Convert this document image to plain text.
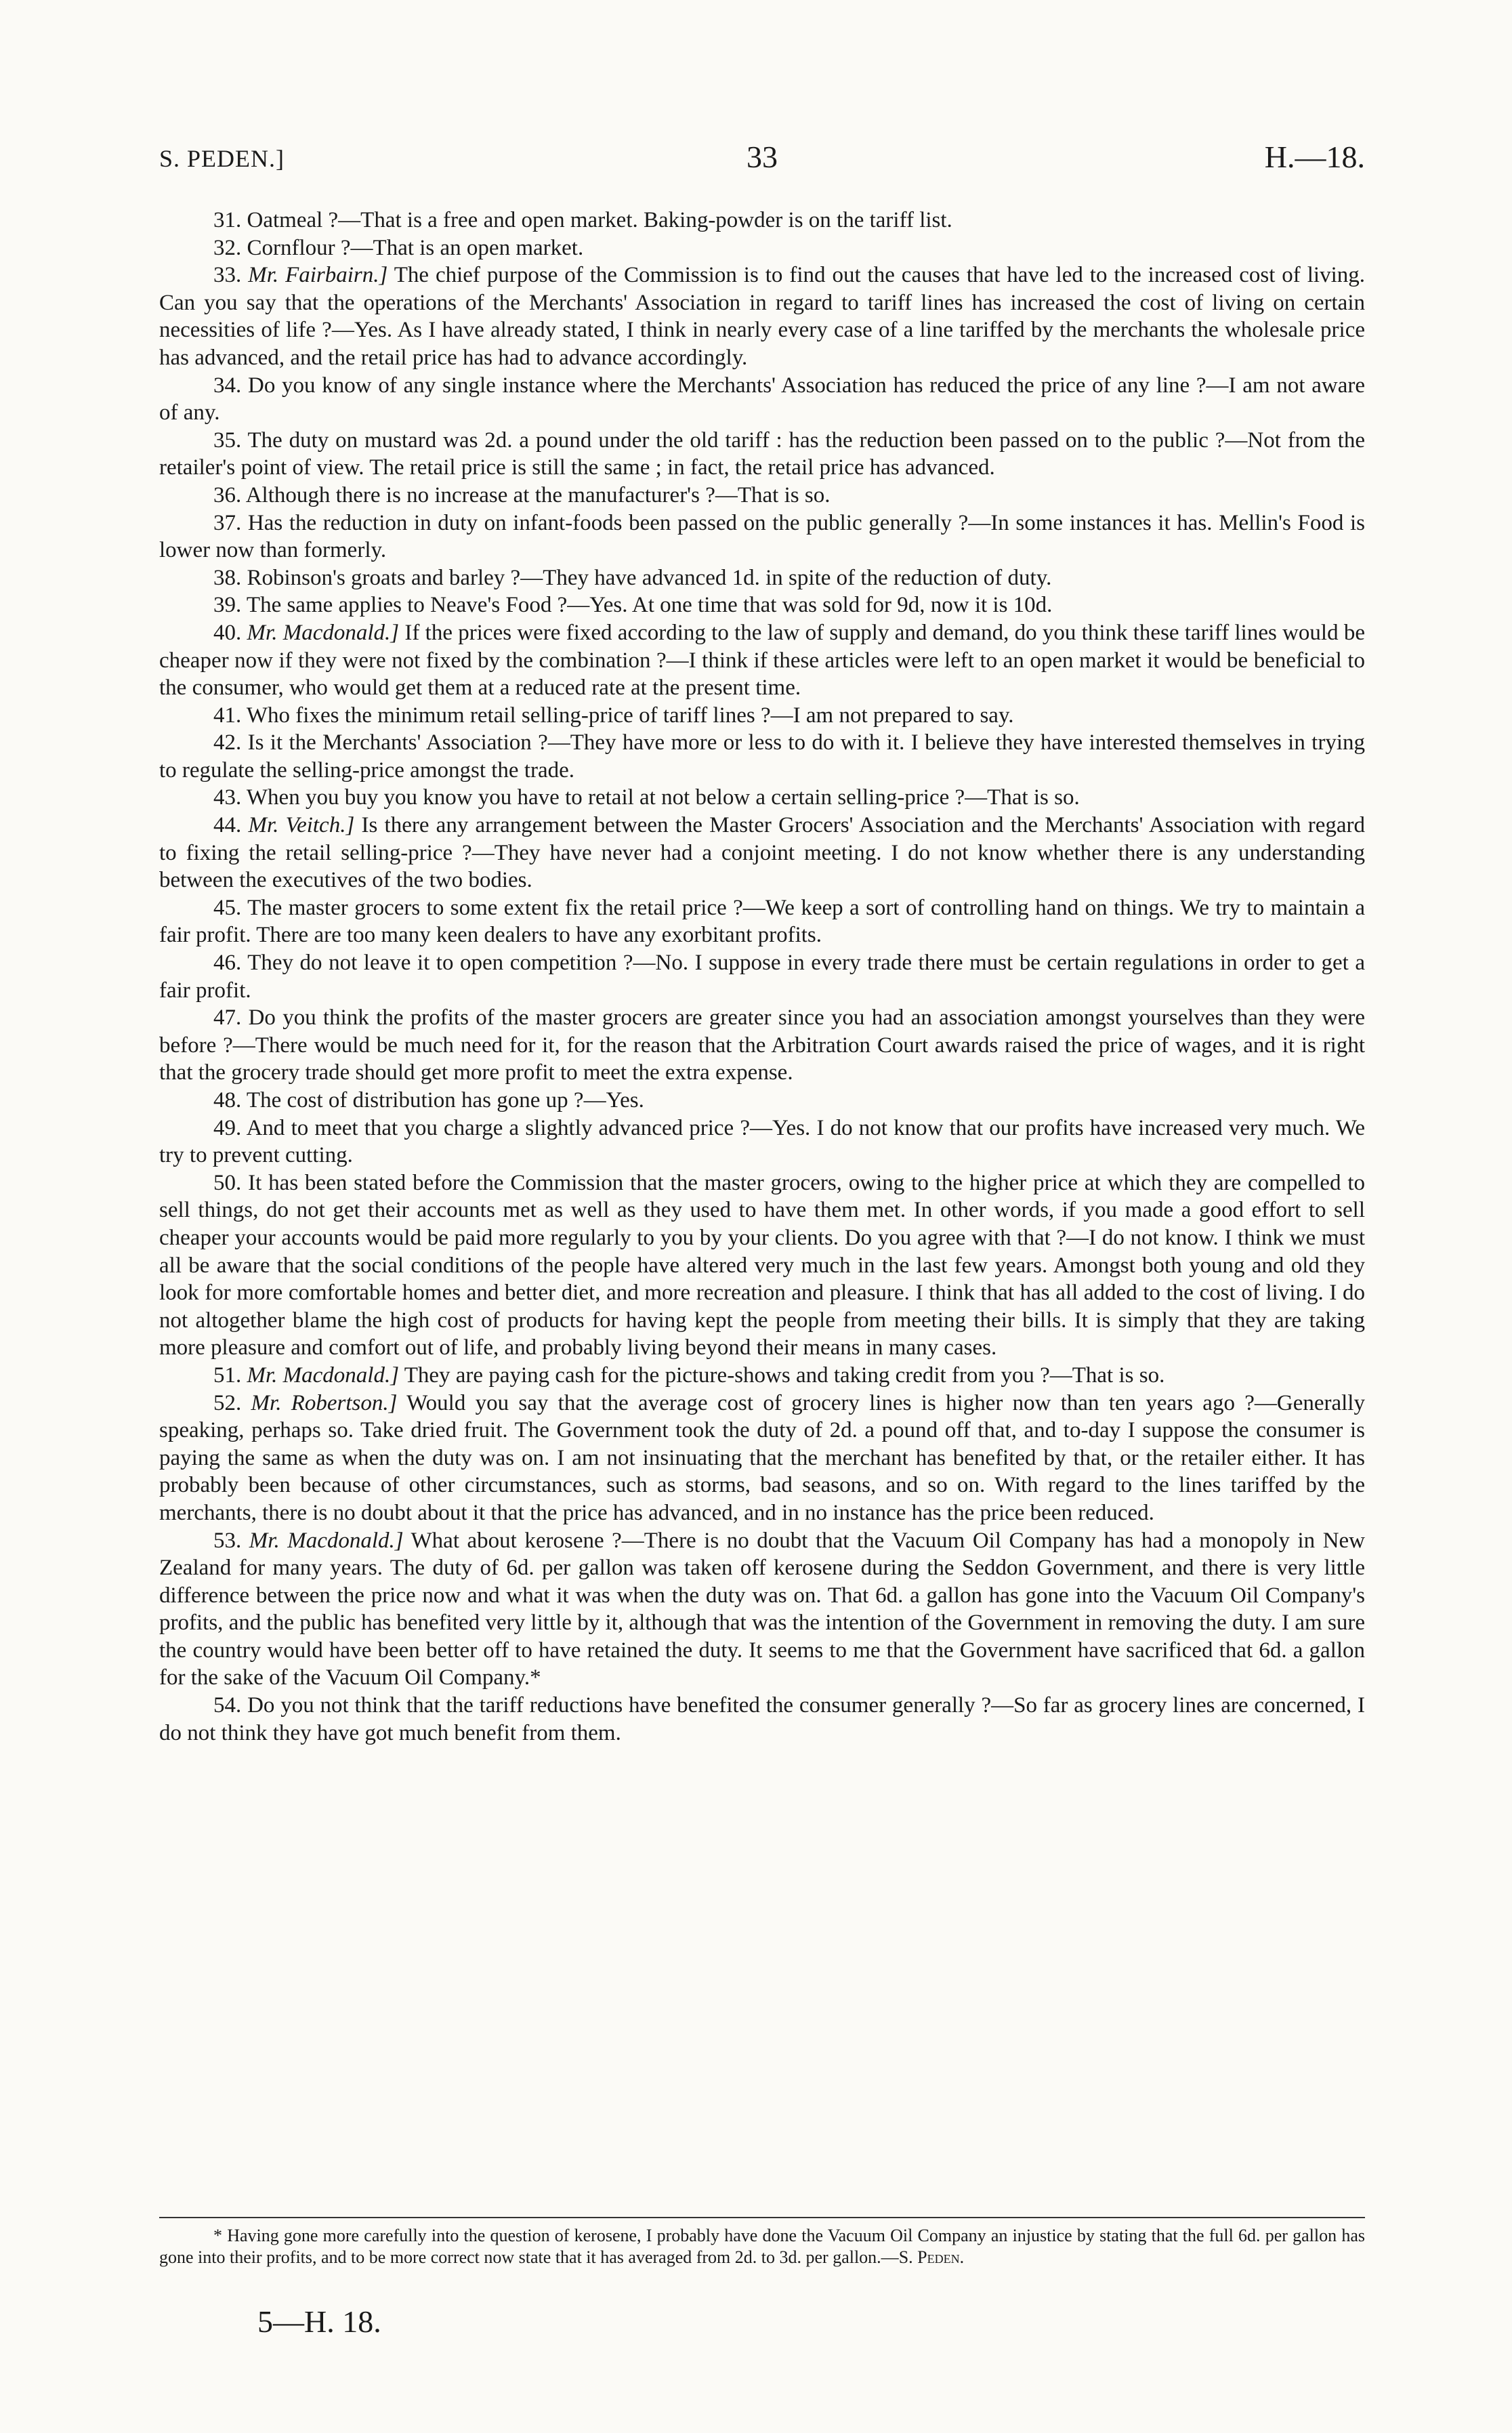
S. PEDEN.]	33	H.—18.

31. Oatmeal ?—That is a free and open market. Baking-powder is on the tariff list.

32. Cornflour ?—That is an open market.

33. Mr. Fairbairn.] The chief purpose of the Commission is to find out the causes that have led to the increased cost of living. Can you say that the operations of the Merchants' Association in regard to tariff lines has increased the cost of living on certain necessities of life ?—Yes. As I have already stated, I think in nearly every case of a line tariffed by the merchants the wholesale price has advanced, and the retail price has had to advance accordingly.

34. Do you know of any single instance where the Merchants' Association has reduced the price of any line ?—I am not aware of any.

35. The duty on mustard was 2d. a pound under the old tariff : has the reduction been passed on to the public ?—Not from the retailer's point of view. The retail price is still the same ; in fact, the retail price has advanced.

36. Although there is no increase at the manufacturer's ?—That is so.

37. Has the reduction in duty on infant-foods been passed on the public generally ?—In some instances it has. Mellin's Food is lower now than formerly.

38. Robinson's groats and barley ?—They have advanced 1d. in spite of the reduction of duty.

39. The same applies to Neave's Food ?—Yes. At one time that was sold for 9d, now it is 10d.

40. Mr. Macdonald.] If the prices were fixed according to the law of supply and demand, do you think these tariff lines would be cheaper now if they were not fixed by the combination ?—I think if these articles were left to an open market it would be beneficial to the consumer, who would get them at a reduced rate at the present time.

41. Who fixes the minimum retail selling-price of tariff lines ?—I am not prepared to say.

42. Is it the Merchants' Association ?—They have more or less to do with it. I believe they have interested themselves in trying to regulate the selling-price amongst the trade.

43. When you buy you know you have to retail at not below a certain selling-price ?—That is so.

44. Mr. Veitch.] Is there any arrangement between the Master Grocers' Association and the Merchants' Association with regard to fixing the retail selling-price ?—They have never had a conjoint meeting. I do not know whether there is any understanding between the executives of the two bodies.

45. The master grocers to some extent fix the retail price ?—We keep a sort of controlling hand on things. We try to maintain a fair profit. There are too many keen dealers to have any exorbitant profits.

46. They do not leave it to open competition ?—No. I suppose in every trade there must be certain regulations in order to get a fair profit.

47. Do you think the profits of the master grocers are greater since you had an association amongst yourselves than they were before ?—There would be much need for it, for the reason that the Arbitration Court awards raised the price of wages, and it is right that the grocery trade should get more profit to meet the extra expense.

48. The cost of distribution has gone up ?—Yes.

49. And to meet that you charge a slightly advanced price ?—Yes. I do not know that our profits have increased very much. We try to prevent cutting.

50. It has been stated before the Commission that the master grocers, owing to the higher price at which they are compelled to sell things, do not get their accounts met as well as they used to have them met. In other words, if you made a good effort to sell cheaper your accounts would be paid more regularly to you by your clients. Do you agree with that ?—I do not know. I think we must all be aware that the social conditions of the people have altered very much in the last few years. Amongst both young and old they look for more comfortable homes and better diet, and more recreation and pleasure. I think that has all added to the cost of living. I do not altogether blame the high cost of products for having kept the people from meeting their bills. It is simply that they are taking more pleasure and comfort out of life, and probably living beyond their means in many cases.

51. Mr. Macdonald.] They are paying cash for the picture-shows and taking credit from you ?—That is so.

52. Mr. Robertson.] Would you say that the average cost of grocery lines is higher now than ten years ago ?—Generally speaking, perhaps so. Take dried fruit. The Government took the duty of 2d. a pound off that, and to-day I suppose the consumer is paying the same as when the duty was on. I am not insinuating that the merchant has benefited by that, or the retailer either. It has probably been because of other circumstances, such as storms, bad seasons, and so on. With regard to the lines tariffed by the merchants, there is no doubt about it that the price has advanced, and in no instance has the price been reduced.

53. Mr. Macdonald.] What about kerosene ?—There is no doubt that the Vacuum Oil Company has had a monopoly in New Zealand for many years. The duty of 6d. per gallon was taken off kerosene during the Seddon Government, and there is very little difference between the price now and what it was when the duty was on. That 6d. a gallon has gone into the Vacuum Oil Company's profits, and the public has benefited very little by it, although that was the intention of the Government in removing the duty. I am sure the country would have been better off to have retained the duty. It seems to me that the Government have sacrificed that 6d. a gallon for the sake of the Vacuum Oil Company.*

54. Do you not think that the tariff reductions have benefited the consumer generally ?—So far as grocery lines are concerned, I do not think they have got much benefit from them.

* Having gone more carefully into the question of kerosene, I probably have done the Vacuum Oil Company an injustice by stating that the full 6d. per gallon has gone into their profits, and to be more correct now state that it has averaged from 2d. to 3d. per gallon.—S. Peden.
5—H. 18.
